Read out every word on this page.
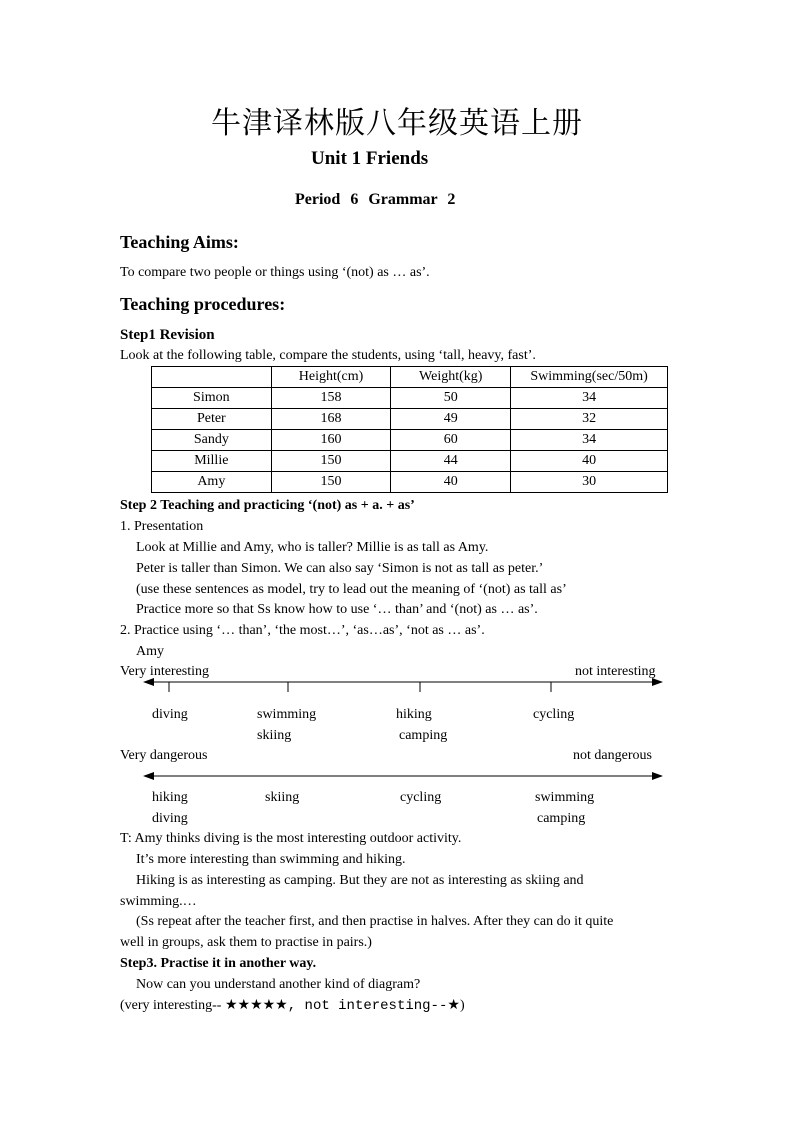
牛津译林版八年级英语上册
Unit 1 Friends
Period 6 Grammar 2
Teaching Aims:
To compare two people or things using ‘(not) as … as’.
Teaching procedures:
Step1 Revision
Look at the following table, compare the students, using ‘tall, heavy, fast’.
	Height(cm)	Weight(kg)	Swimming(sec/50m)
Simon	158	50	34
Peter	168	49	32
Sandy	160	60	34
Millie	150	44	40
Amy	150	40	30
Step 2 Teaching and practicing ‘(not) as + a. + as’
1. Presentation
Look at Millie and Amy, who is taller? Millie is as tall as Amy.
Peter is taller than Simon. We can also say ‘Simon is not as tall as peter.’
(use these sentences as model, try to lead out the meaning of ‘(not) as tall as’
Practice more so that Ss know how to use ‘… than’ and ‘(not) as … as’.
2. Practice using ‘… than’, ‘the most…’, ‘as…as’, ‘not as … as’.
Amy
Very interesting	not interesting
diving	swimming	hiking	cycling
skiing	camping
Very dangerous	not dangerous
hiking	skiing	cycling	swimming
diving	camping
T: Amy thinks diving is the most interesting outdoor activity.
It’s more interesting than swimming and hiking.
Hiking is as interesting as camping. But they are not as interesting as skiing and
swimming.…
(Ss repeat after the teacher first, and then practise in halves. After they can do it quite
well in groups, ask them to practise in pairs.)
Step3. Practise it in another way.
Now can you understand another kind of diagram?
(very interesting-- ★★★★★, not interesting--★)
